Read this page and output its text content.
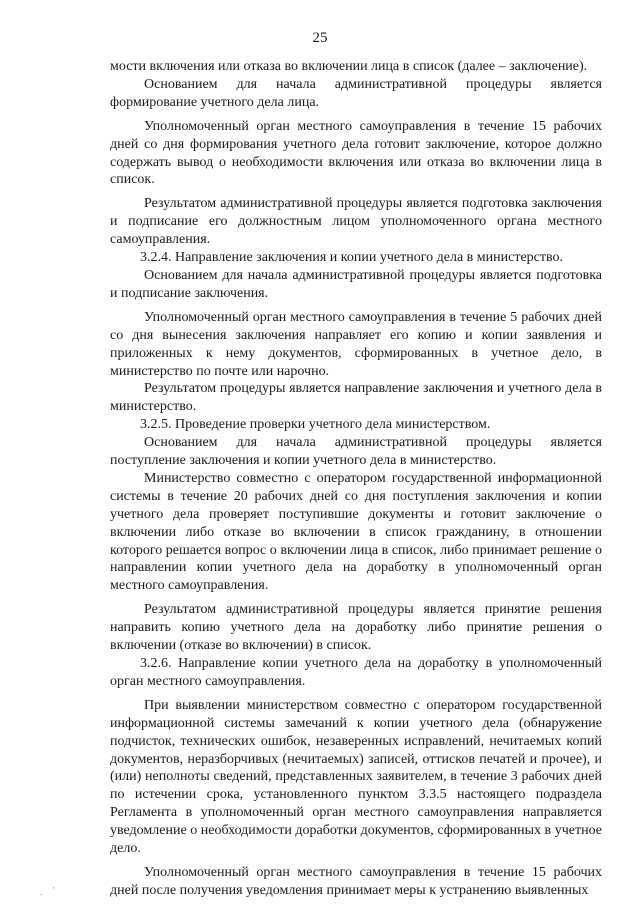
25

мости включения или отказа во включении лица в список (далее – заключение).

Основанием для начала административной процедуры является формирование учетного дела лица.

Уполномоченный орган местного самоуправления в течение 15 рабочих дней со дня формирования учетного дела готовит заключение, которое должно содержать вывод о необходимости включения или отказа во включении лица в список.

Результатом административной процедуры является подготовка заключения и подписание его должностным лицом уполномоченного органа местного самоуправления.

3.2.4. Направление заключения и копии учетного дела в министерство.

Основанием для начала административной процедуры является подготовка и подписание заключения.

Уполномоченный орган местного самоуправления в течение 5 рабочих дней со дня вынесения заключения направляет его копию и копии заявления и приложенных к нему документов, сформированных в учетное дело, в министерство по почте или нарочно.

Результатом процедуры является направление заключения и учетного дела в министерство.

3.2.5. Проведение проверки учетного дела министерством.

Основанием для начала административной процедуры является поступление заключения и копии учетного дела в министерство.

Министерство совместно с оператором государственной информационной системы в течение 20 рабочих дней со дня поступления заключения и копии учетного дела проверяет поступившие документы и готовит заключение о включении либо отказе во включении в список гражданину, в отношении которого решается вопрос о включении лица в список, либо принимает решение о направлении копии учетного дела на доработку в уполномоченный орган местного самоуправления.

Результатом административной процедуры является принятие решения направить копию учетного дела на доработку либо принятие решения о включении (отказе во включении) в список.

3.2.6. Направление копии учетного дела на доработку в уполномоченный орган местного самоуправления.

При выявлении министерством совместно с оператором государственной информационной системы замечаний к копии учетного дела (обнаружение подчисток, технических ошибок, незаверенных исправлений, нечитаемых копий документов, неразборчивых (нечитаемых) записей, оттисков печатей и прочее), и (или) неполноты сведений, представленных заявителем, в течение 3 рабочих дней по истечении срока, установленного пунктом 3.3.5 настоящего подраздела Регламента в уполномоченный орган местного самоуправления направляется уведомление о необходимости доработки документов, сформированных в учетное дело.

Уполномоченный орган местного самоуправления в течение 15 рабочих дней после получения уведомления принимает меры к устранению выявленных

. ·
